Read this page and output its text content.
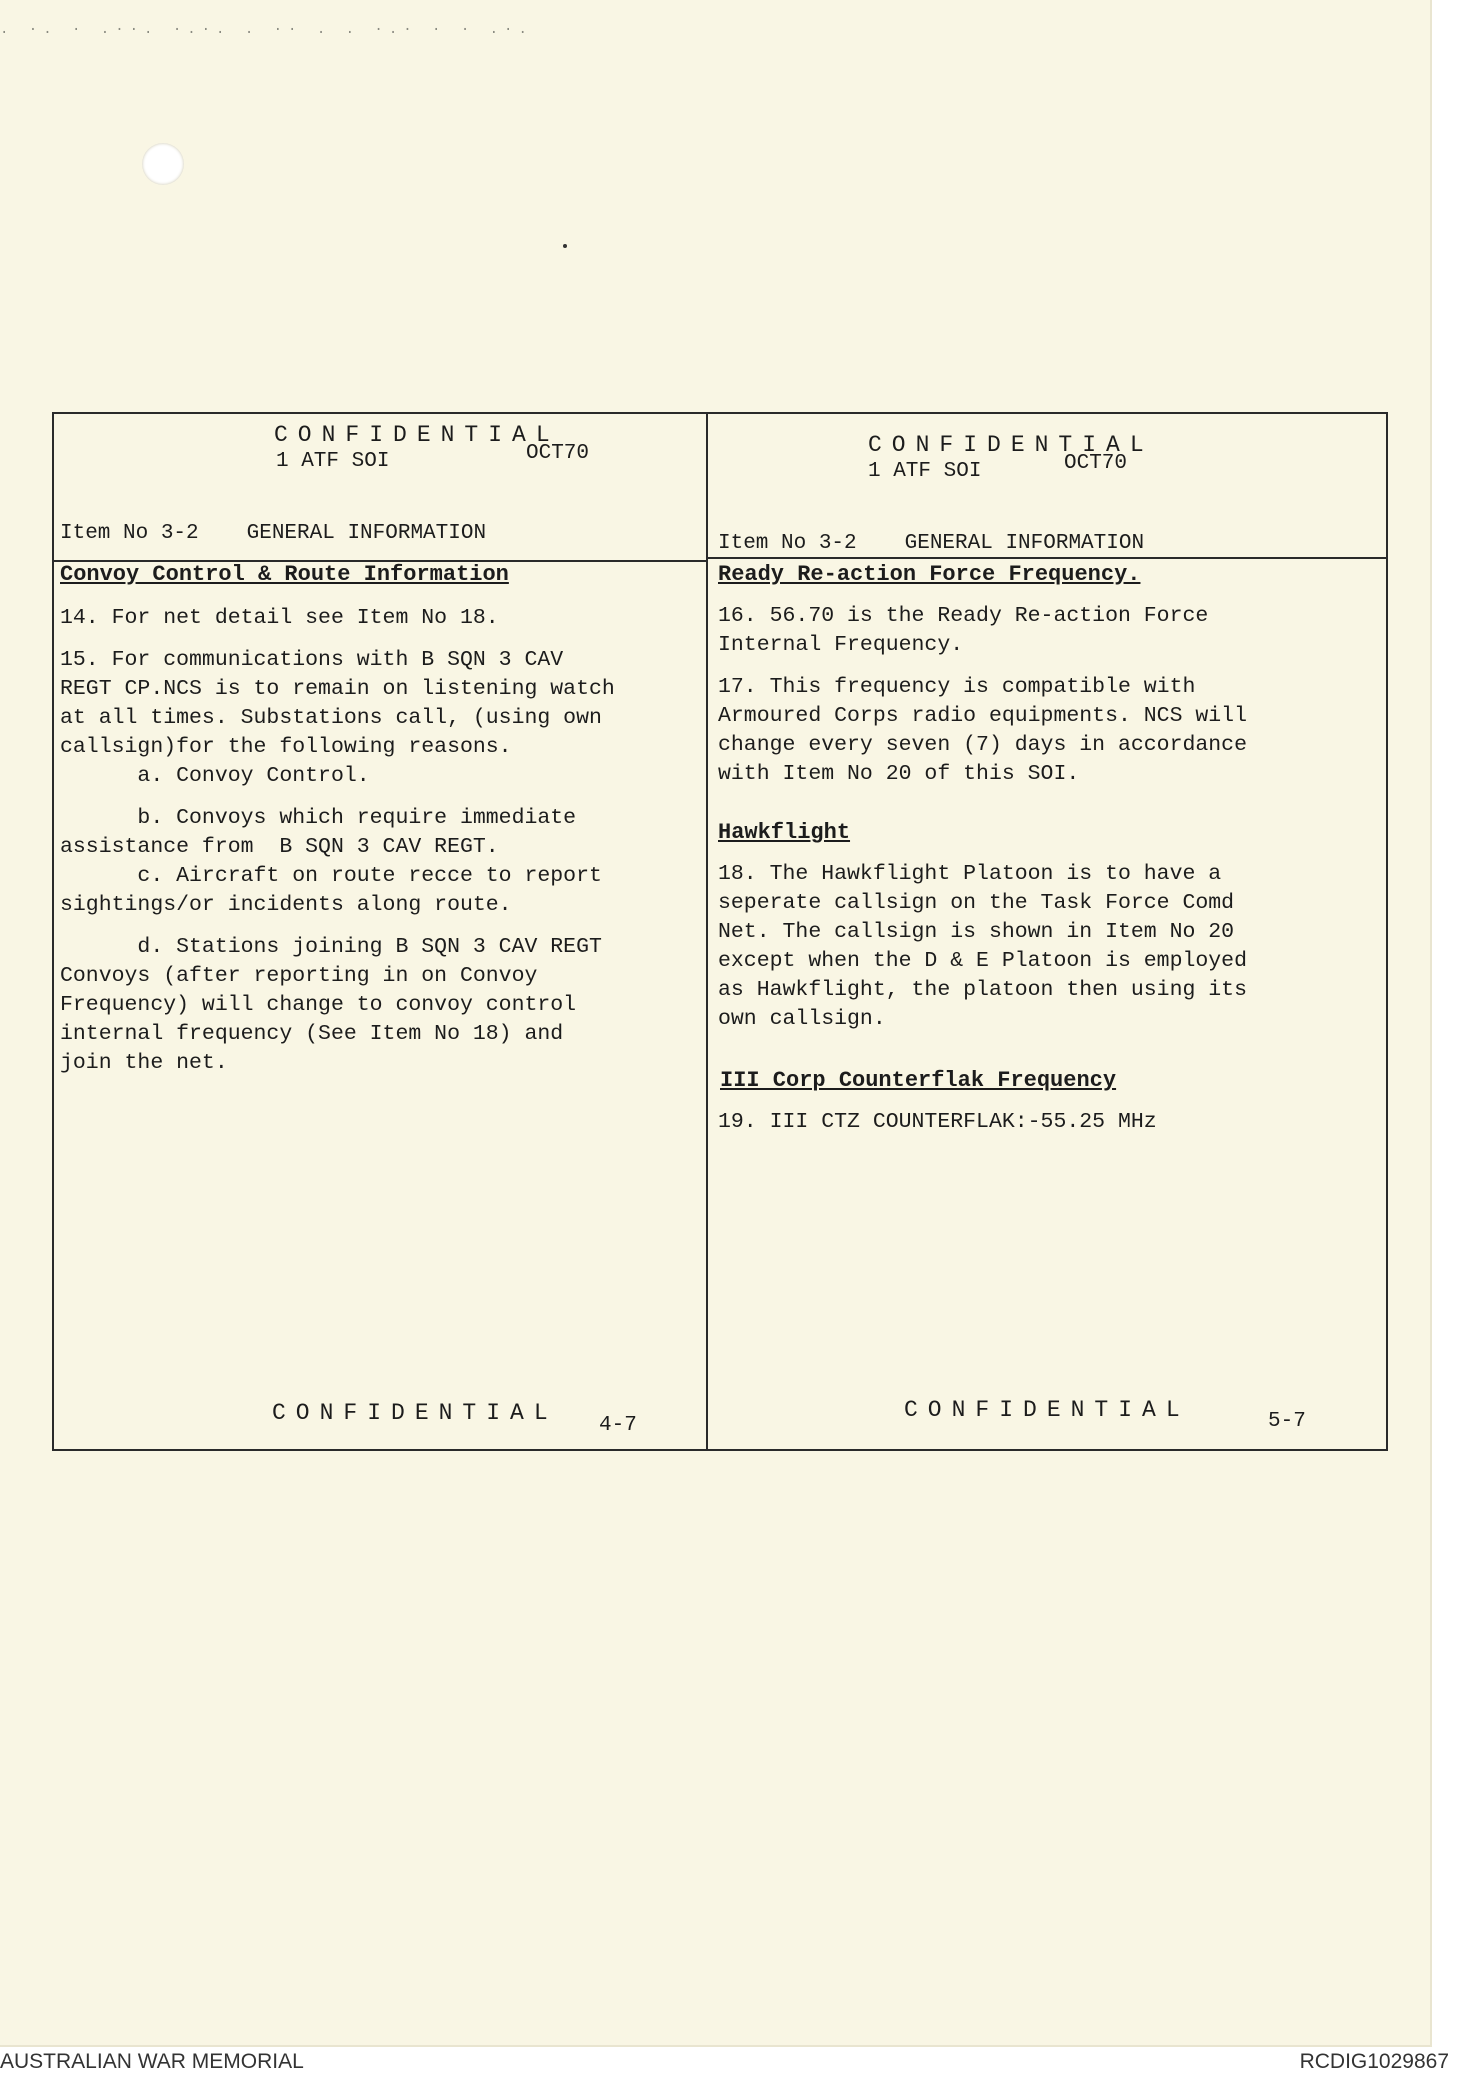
. ·. · .··. ·.·. . ·· . . ·.· · · .·.
CONFIDENTIAL
1 ATF SOI	OCT70
Item No 3-2 GENERAL INFORMATION
Convoy Control & Route Information

14. For net detail see Item No 18.

15. For communications with B SQN 3 CAV

REGT CP.NCS is to remain on listening watch

at all times. Substations call, (using own

callsign)for the following reasons.

a. Convoy Control.

b. Convoys which require immediate

assistance from  B SQN 3 CAV REGT.

c. Aircraft on route recce to report

sightings/or incidents along route.

d. Stations joining B SQN 3 CAV REGT

Convoys (after reporting in on Convoy

Frequency) will change to convoy control

internal frequency (See Item No 18) and

join the net.

CONFIDENTIAL 4-7
CONFIDENTIAL
1 ATF SOI	OCT70
Item No 3-2 GENERAL INFORMATION
Ready Re-action Force Frequency.

16. 56.70 is the Ready Re-action Force

Internal Frequency.

17. This frequency is compatible with

Armoured Corps radio equipments. NCS will

change every seven (7) days in accordance

with Item No 20 of this SOI.

Hawkflight

18. The Hawkflight Platoon is to have a

seperate callsign on the Task Force Comd

Net. The callsign is shown in Item No 20

except when the D & E Platoon is employed

as Hawkflight, the platoon then using its

own callsign.

III Corp Counterflak Frequency

19. III CTZ COUNTERFLAK:-55.25 MHz

CONFIDENTIAL	5-7
AUSTRALIAN WAR MEMORIAL	RCDIG1029867
